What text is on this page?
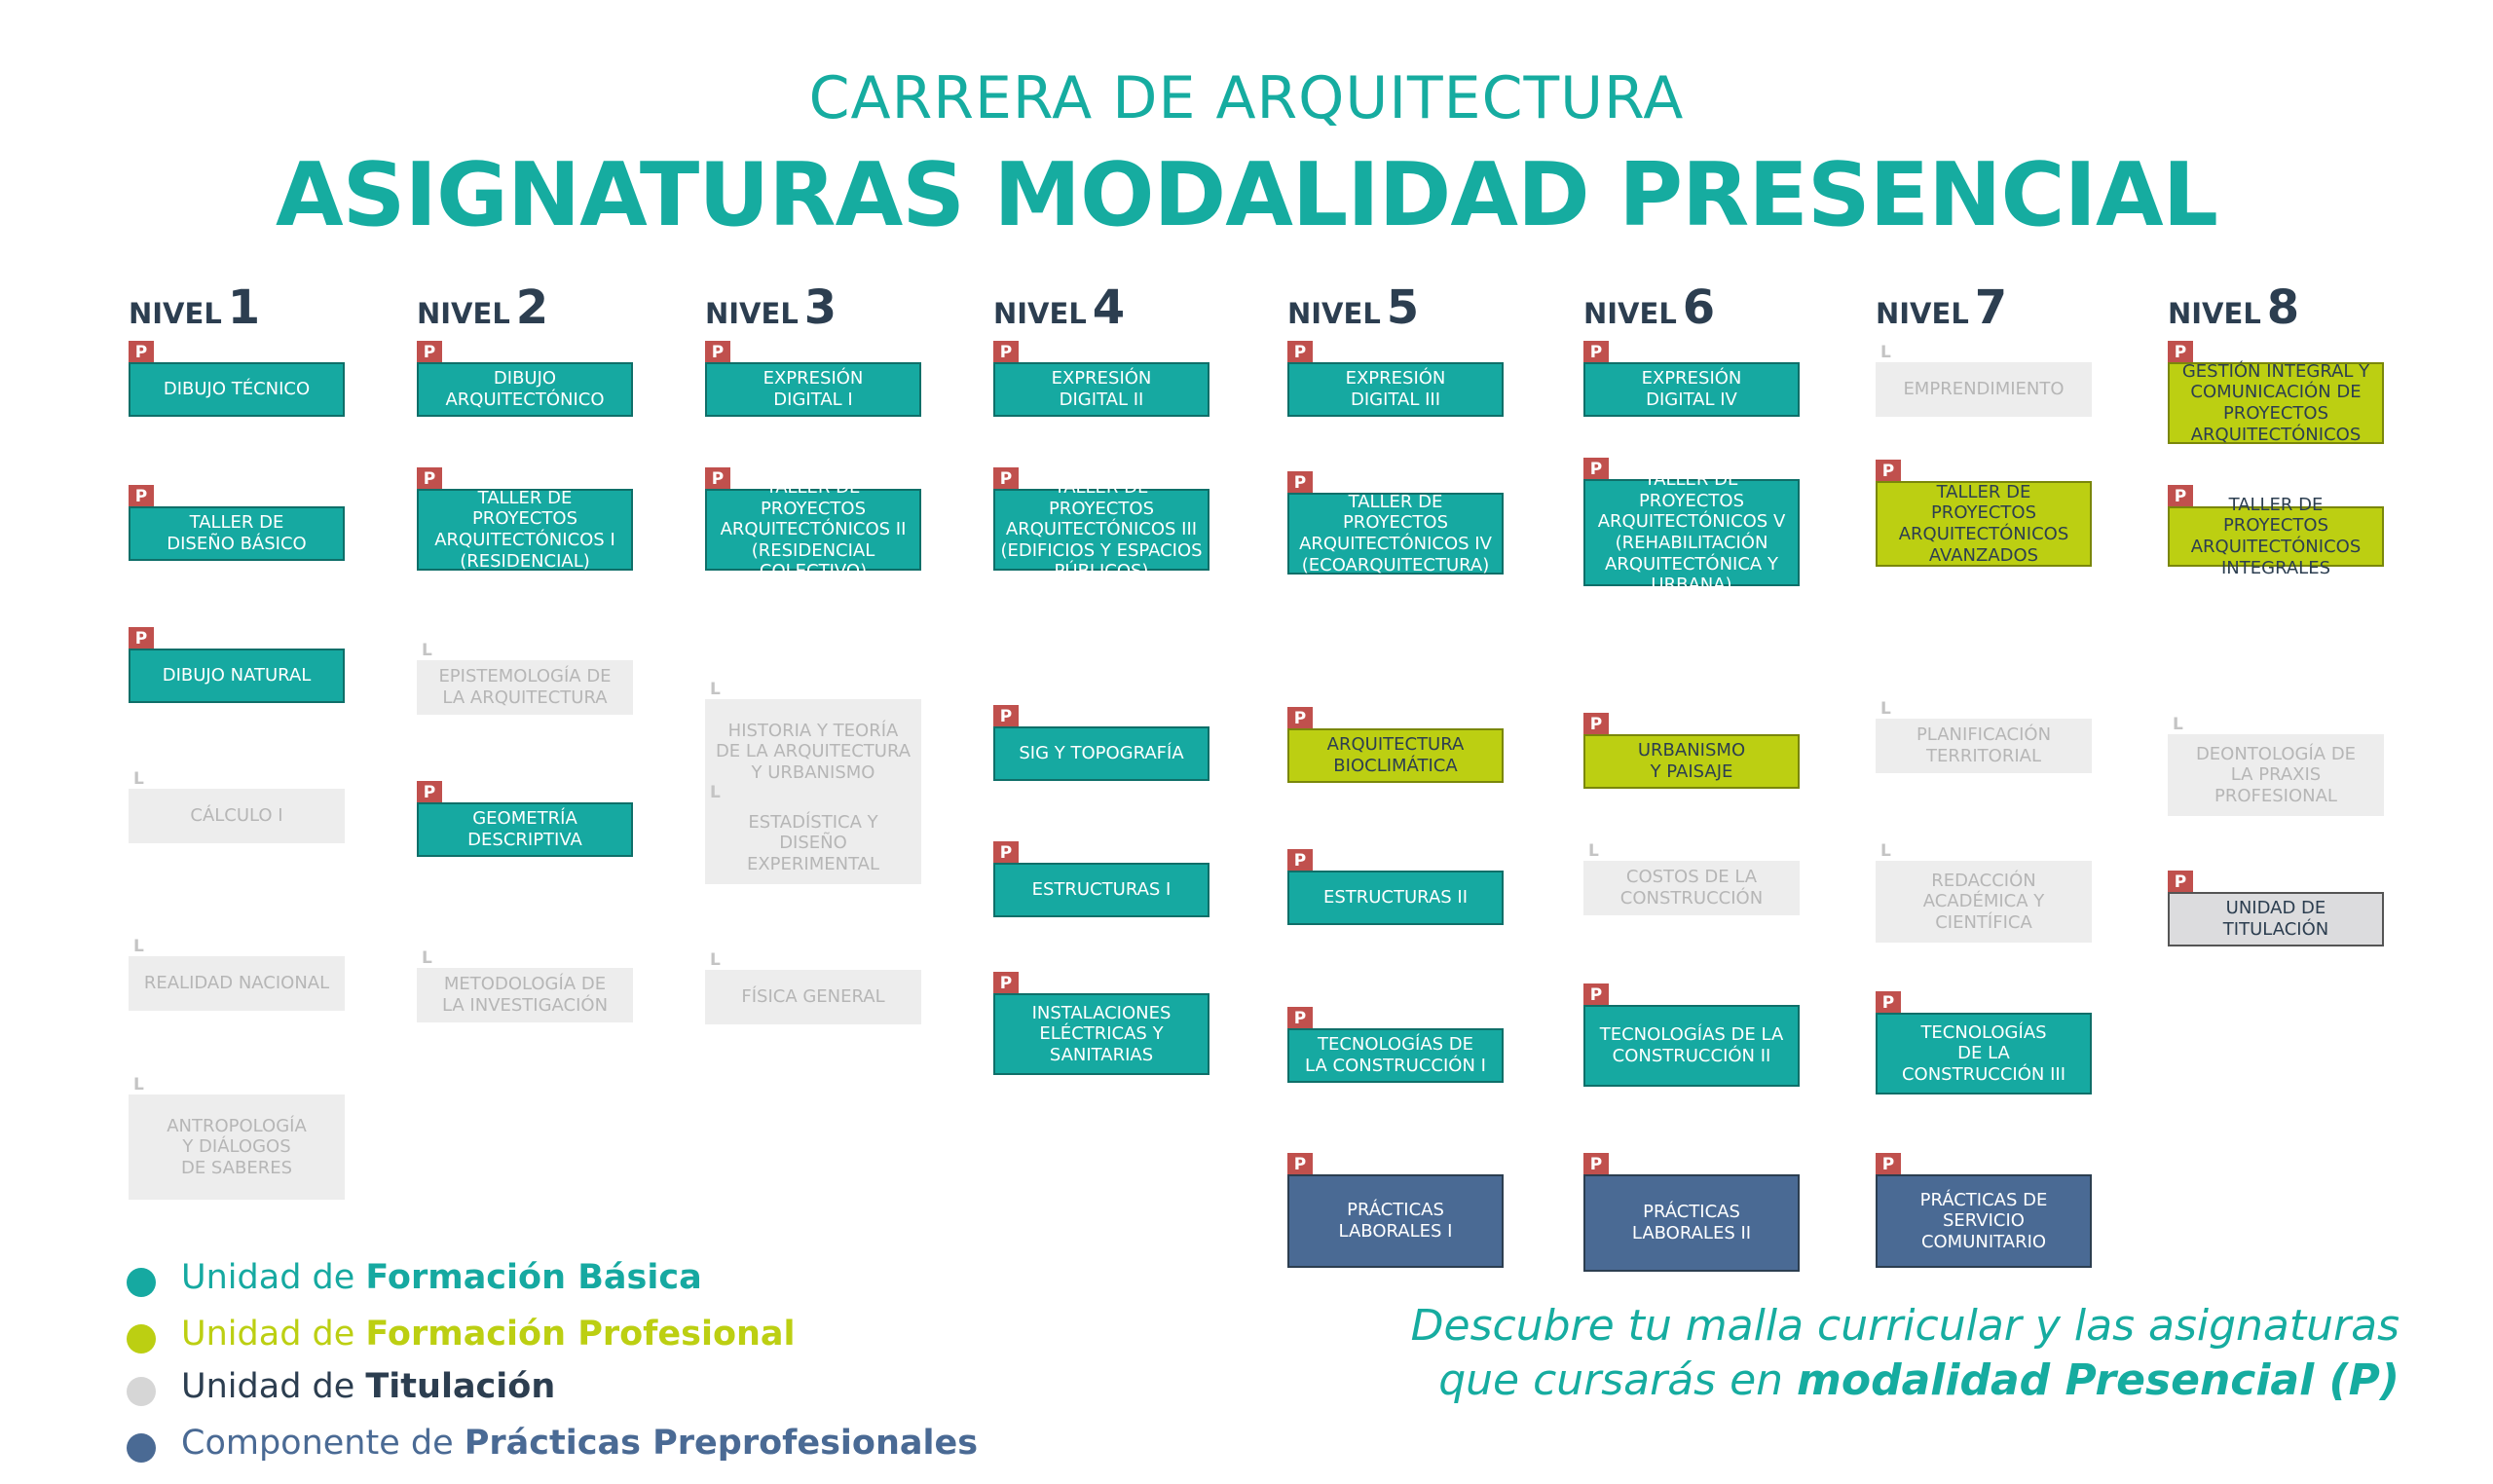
CARRERA DE ARQUITECTURA
ASIGNATURAS MODALIDAD PRESENCIAL
NIVEL 1
P
DIBUJO TÉCNICO
P
TALLER DE
DISEÑO BÁSICO
P
DIBUJO NATURAL
L
CÁLCULO I
L
REALIDAD NACIONAL
L
ANTROPOLOGÍA
Y DIÁLOGOS
DE SABERES
NIVEL 2
P
DIBUJO
ARQUITECTÓNICO
P
TALLER DE PROYECTOS
ARQUITECTÓNICOS I
(RESIDENCIAL)
L
EPISTEMOLOGÍA DE
LA ARQUITECTURA
P
GEOMETRÍA
DESCRIPTIVA
L
METODOLOGÍA DE
LA INVESTIGACIÓN
NIVEL 3
P
EXPRESIÓN
DIGITAL I
P	TALLER DE PROYECTOS
ARQUITECTÓNICOS II
(RESIDENCIAL COLECTIVO)
L
HISTORIA Y TEORÍA
DE LA ARQUITECTURA
Y URBANISMO
L
ESTADÍSTICA Y
DISEÑO
EXPERIMENTAL
L
FÍSICA GENERAL
NIVEL 4
P
EXPRESIÓN
DIGITAL II
P	TALLER DE PROYECTOS
ARQUITECTÓNICOS III
(EDIFICIOS Y ESPACIOS
PÚBLICOS)
P
SIG Y TOPOGRAFÍA
P
ESTRUCTURAS I
P
INSTALACIONES
ELÉCTRICAS Y
SANITARIAS
NIVEL 5
P
EXPRESIÓN
DIGITAL III
P
TALLER DE PROYECTOS
ARQUITECTÓNICOS IV
(ECOARQUITECTURA)
P
ARQUITECTURA
BIOCLIMÁTICA
P
ESTRUCTURAS II
P
TECNOLOGÍAS DE
LA CONSTRUCCIÓN I
P
PRÁCTICAS
LABORALES I
NIVEL 6
P
EXPRESIÓN
DIGITAL IV
P
TALLER DE PROYECTOS
ARQUITECTÓNICOS V
(REHABILITACIÓN
ARQUITECTÓNICA Y
URBANA)
P
URBANISMO
Y PAISAJE
L
COSTOS DE LA
CONSTRUCCIÓN
P
TECNOLOGÍAS DE LA
CONSTRUCCIÓN II
P
PRÁCTICAS
LABORALES II
NIVEL 7
L
EMPRENDIMIENTO
P
TALLER DE
PROYECTOS
ARQUITECTÓNICOS
AVANZADOS
L
PLANIFICACIÓN
TERRITORIAL
L
REDACCIÓN
ACADÉMICA Y
CIENTÍFICA
P
TECNOLOGÍAS
DE LA
CONSTRUCCIÓN III
P
PRÁCTICAS DE
SERVICIO
COMUNITARIO
NIVEL 8
P
GESTIÓN INTEGRAL Y
COMUNICACIÓN DE
PROYECTOS
ARQUITECTÓNICOS
P	TALLER DE PROYECTOS
ARQUITECTÓNICOS
INTEGRALES
L
DEONTOLOGÍA DE
LA PRAXIS
PROFESIONAL
P
UNIDAD DE
TITULACIÓN
Unidad de Formación Básica
Unidad de Formación Profesional
Unidad de Titulación
Componente de Prácticas Preprofesionales
Descubre tu malla curricular y las asignaturas
que cursarás en modalidad Presencial (P)
